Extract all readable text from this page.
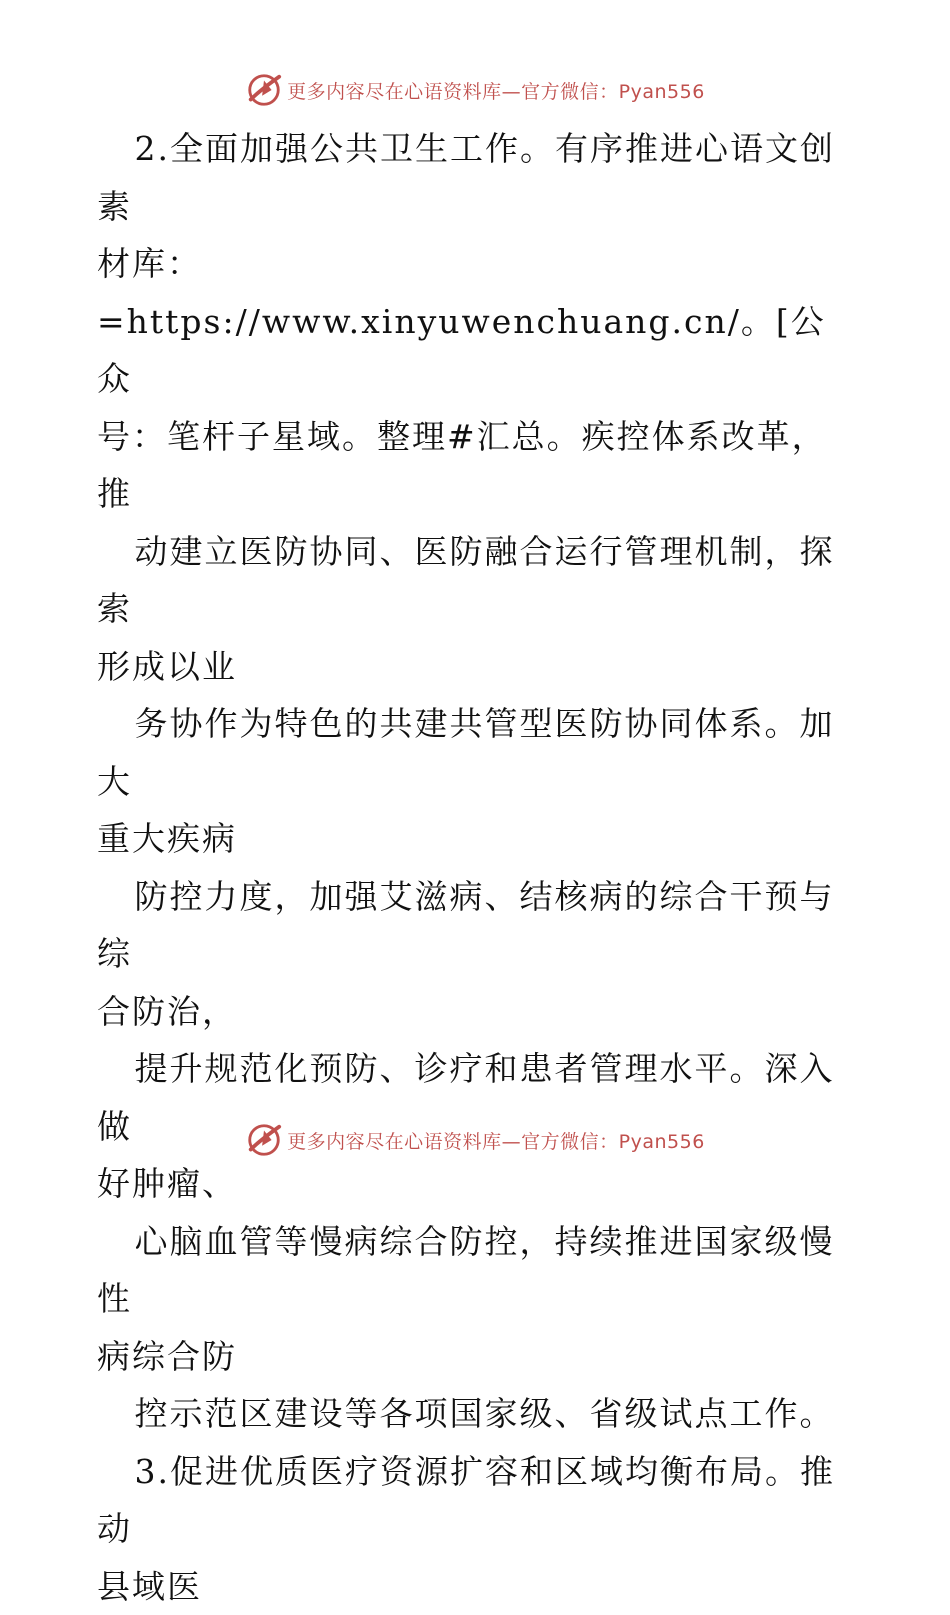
更多内容尽在心语资料库—官方微信：Pyan556

2.全面加强公共卫生工作。有序推进心语文创素

材库：=https://www.xinyuwenchuang.cn/。[公众

号：笔杆子星域。整理#汇总。疾控体系改革，推

动建立医防协同、医防融合运行管理机制，探索

形成以业

务协作为特色的共建共管型医防协同体系。加大

重大疾病

防控力度，加强艾滋病、结核病的综合干预与综

合防治，

提升规范化预防、诊疗和患者管理水平。深入做

好肿瘤、

心脑血管等慢病综合防控，持续推进国家级慢性

病综合防

控示范区建设等各项国家级、省级试点工作。

3.促进优质医疗资源扩容和区域均衡布局。推动

县域医

更多内容尽在心语资料库—官方微信：Pyan556
